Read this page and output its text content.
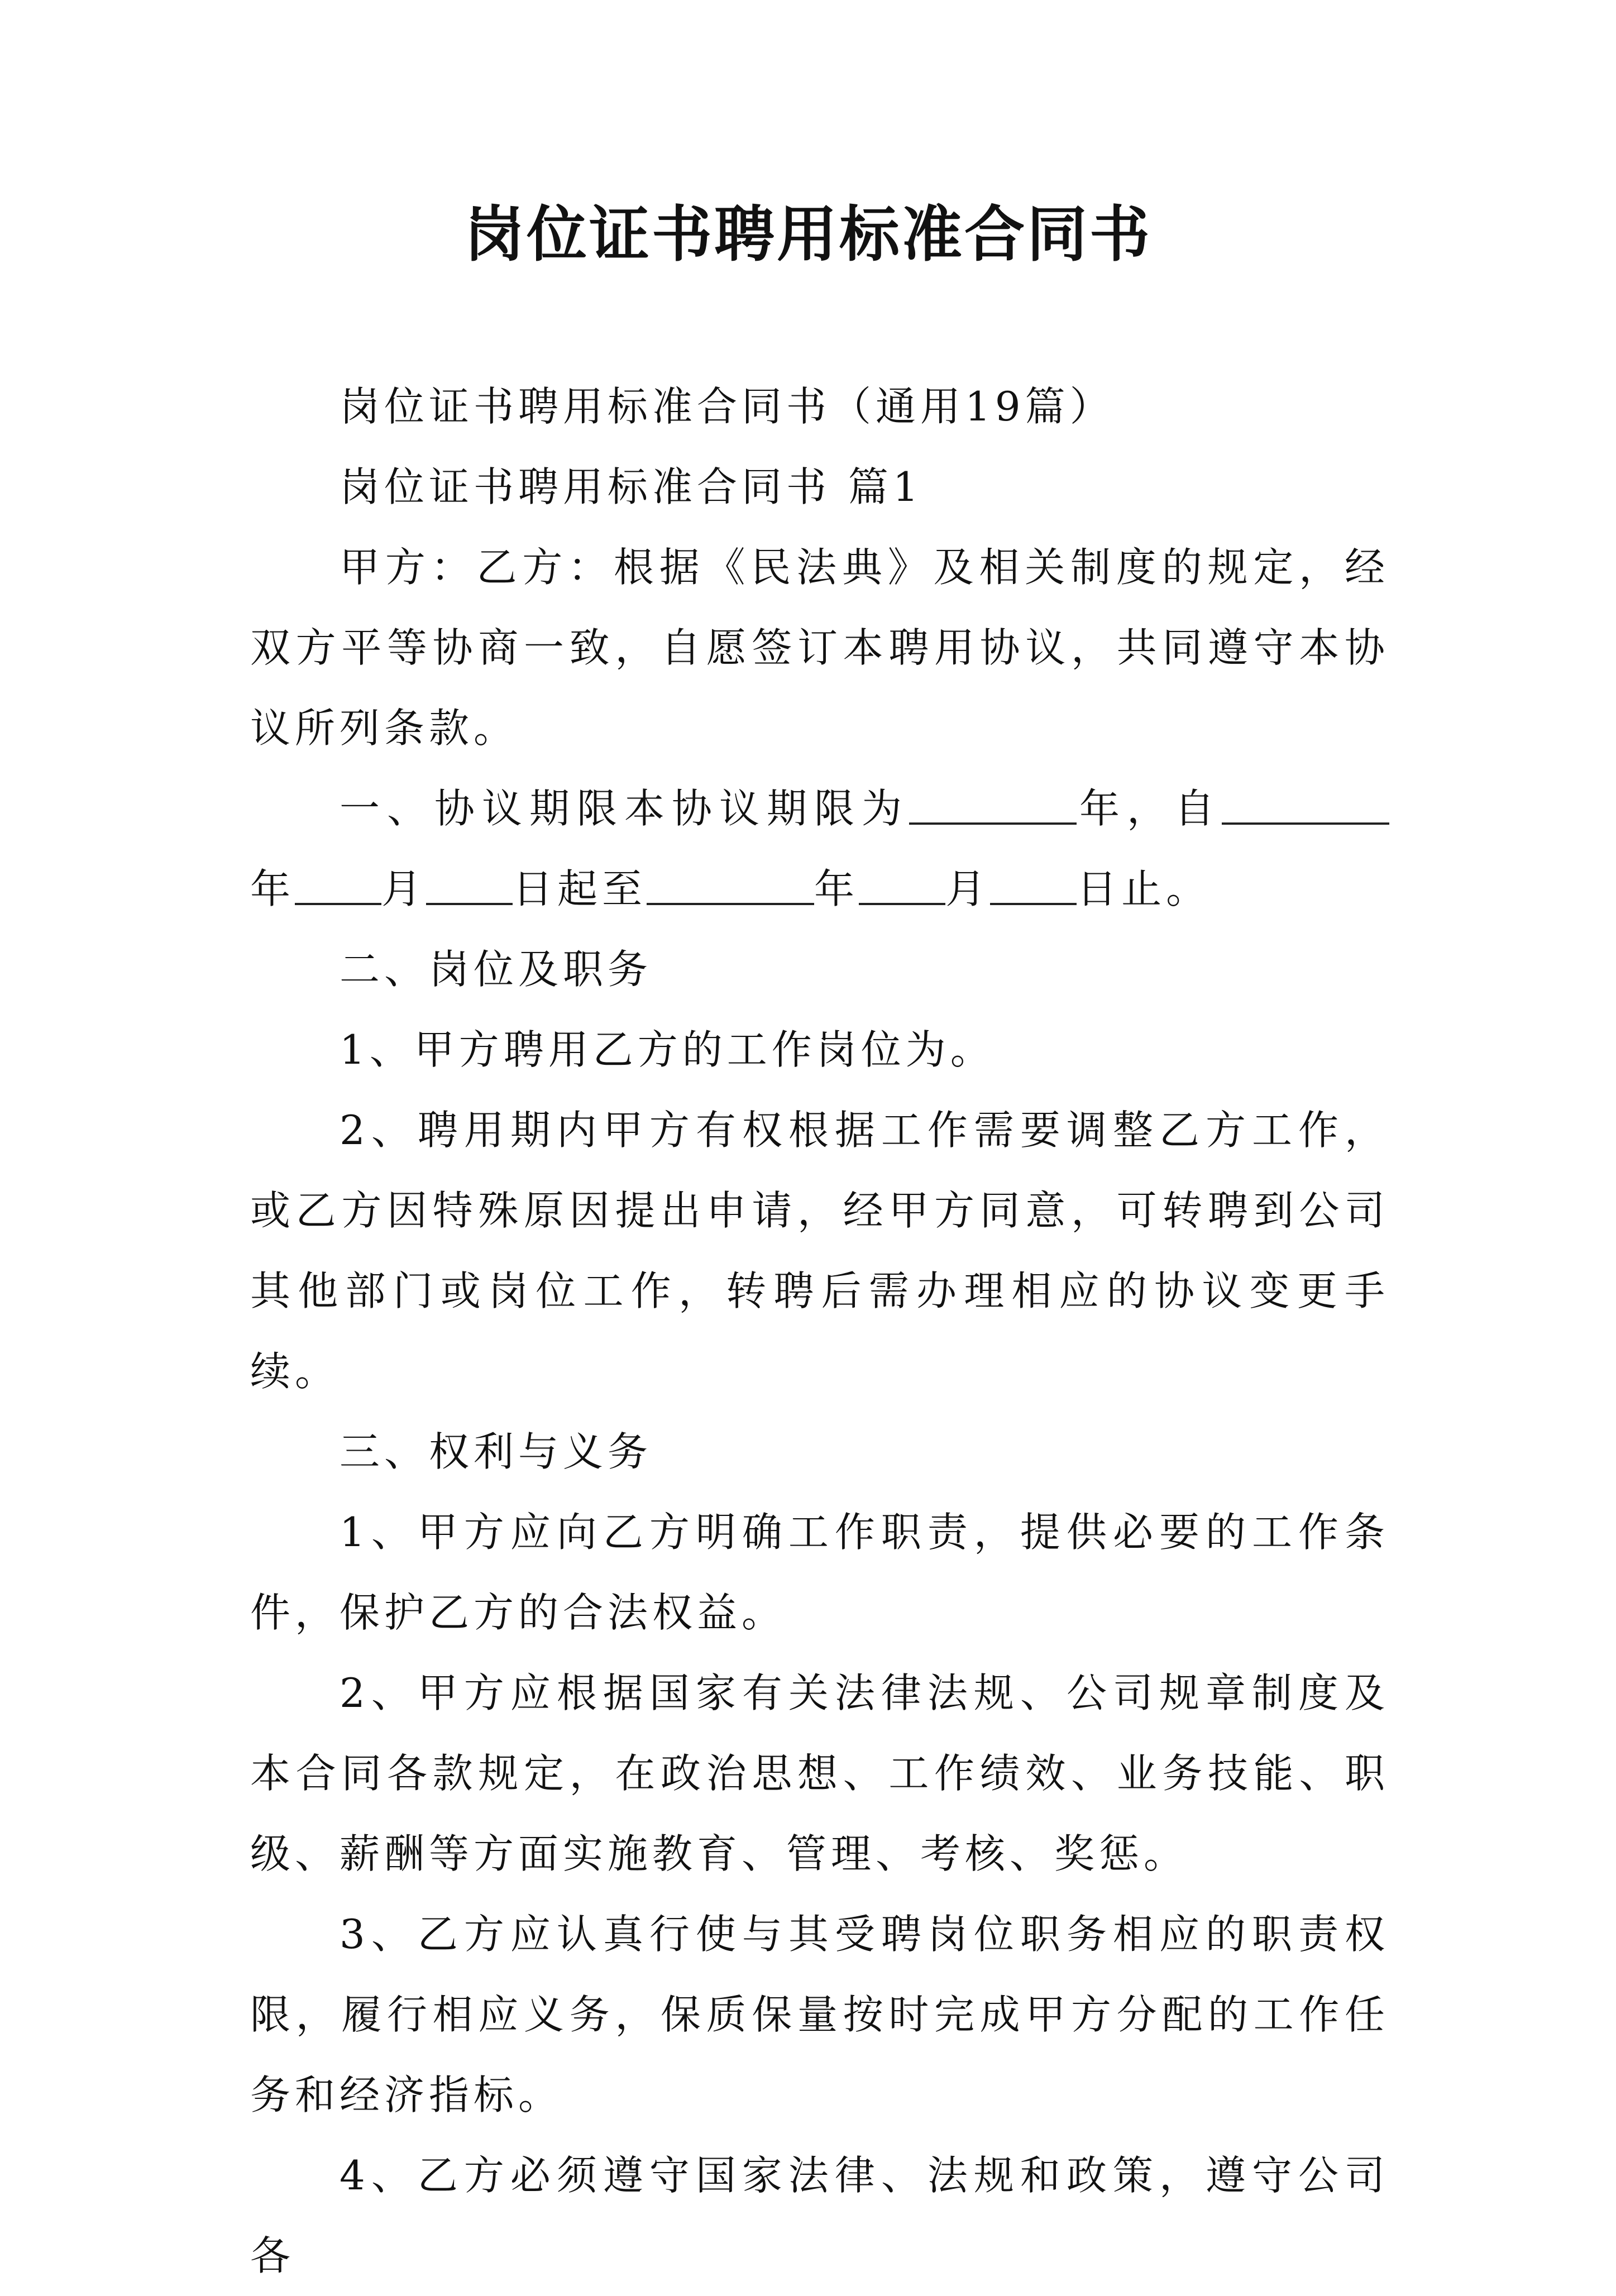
岗位证书聘用标准合同书

岗位证书聘用标准合同书（通用19篇）

岗位证书聘用标准合同书 篇1

甲方：乙方：根据《民法典》及相关制度的规定，经双方平等协商一致，自愿签订本聘用协议，共同遵守本协议所列条款。

一、协议期限本协议期限为	年，自年 月 日起至	年 月 日止。

二、岗位及职务

1、甲方聘用乙方的工作岗位为。

2、聘用期内甲方有权根据工作需要调整乙方工作，或乙方因特殊原因提出申请，经甲方同意，可转聘到公司其他部门或岗位工作，转聘后需办理相应的协议变更手续。

三、权利与义务

1、甲方应向乙方明确工作职责，提供必要的工作条件，保护乙方的合法权益。

2、甲方应根据国家有关法律法规、公司规章制度及本合同各款规定，在政治思想、工作绩效、业务技能、职级、薪酬等方面实施教育、管理、考核、奖惩。

3、乙方应认真行使与其受聘岗位职务相应的职责权限，履行相应义务，保质保量按时完成甲方分配的工作任务和经济指标。

4、乙方必须遵守国家法律、法规和政策，遵守公司各
